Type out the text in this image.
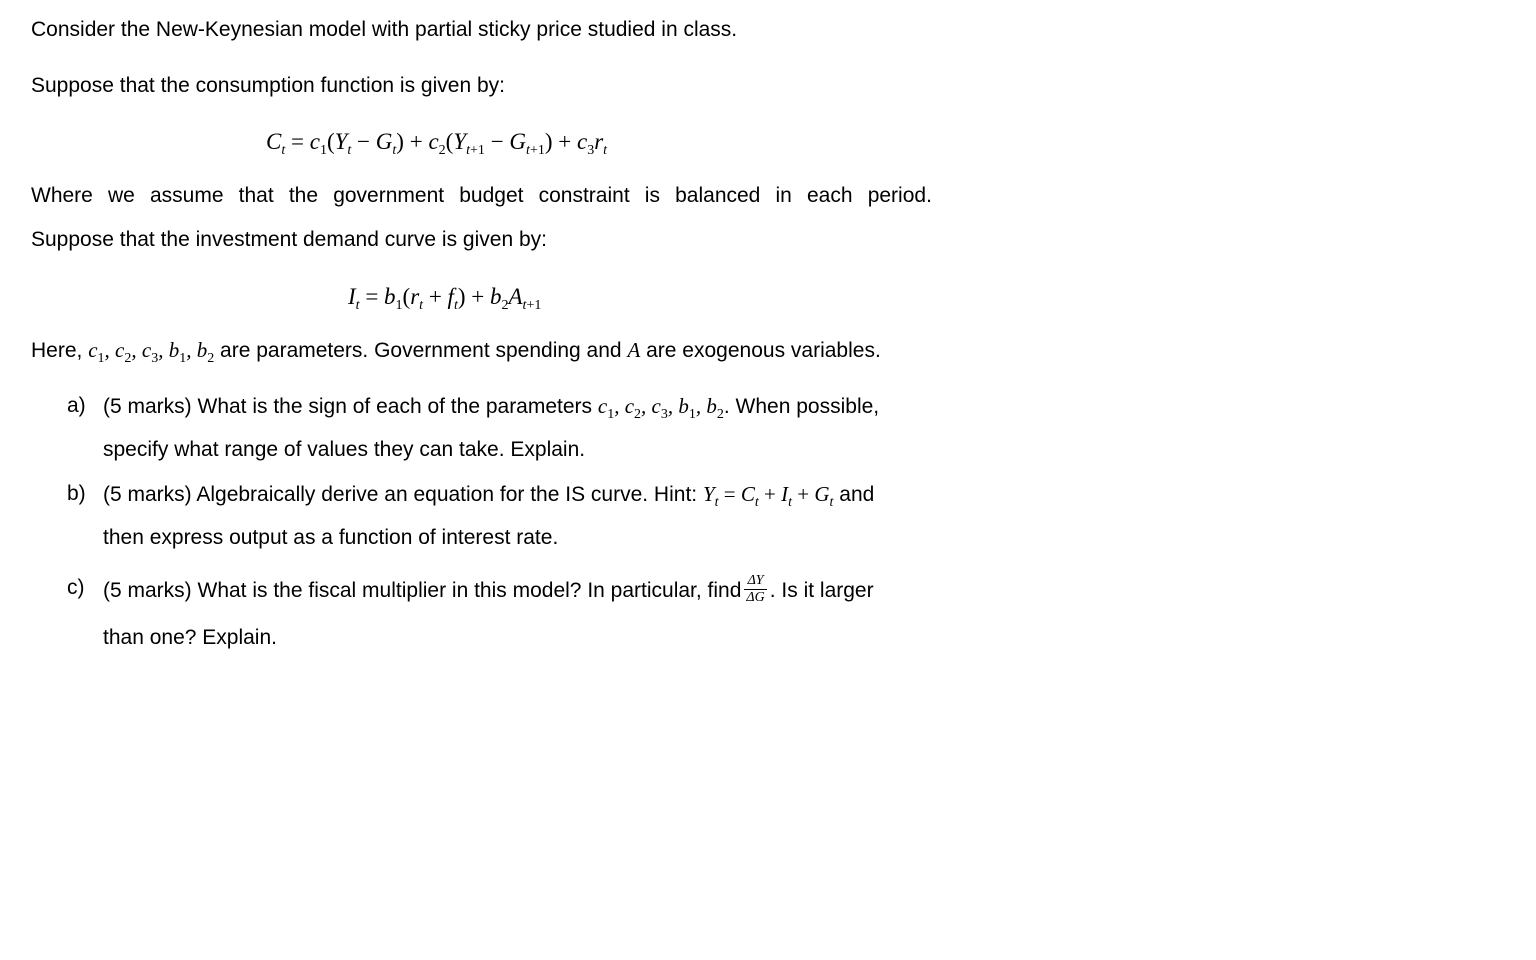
Consider the New-Keynesian model with partial sticky price studied in class.
Suppose that the consumption function is given by:
$C_t = c_1(Y_t - G_t) + c_2(Y_{t+1} - G_{t+1}) + c_3r_t$
Where we assume that the government budget constraint is balanced in each period.
Suppose that the investment demand curve is given by:
$I_t = b_1(r_t + f_t) + b_2A_{t+1}$
Here, $c_1$, $c_2$, $c_3$, $b_1$, $b_2$ are parameters. Government spending and A are exogenous variables.
a) (5 marks) What is the sign of each of the parameters $c_1$, $c_2$, $c_3$, $b_1$, $b_2$. When possible,
specify what range of values they can take. Explain.
b) (5 marks) Algebraically derive an equation for the IS curve. Hint: $Y_t = C_t + I_t + G_t$ and
then express output as a function of interest rate.
c) (5 marks) What is the fiscal multiplier in this model? In particular, find $\frac{\Delta Y}{\Delta G}$ . Is it larger
than one? Explain.
